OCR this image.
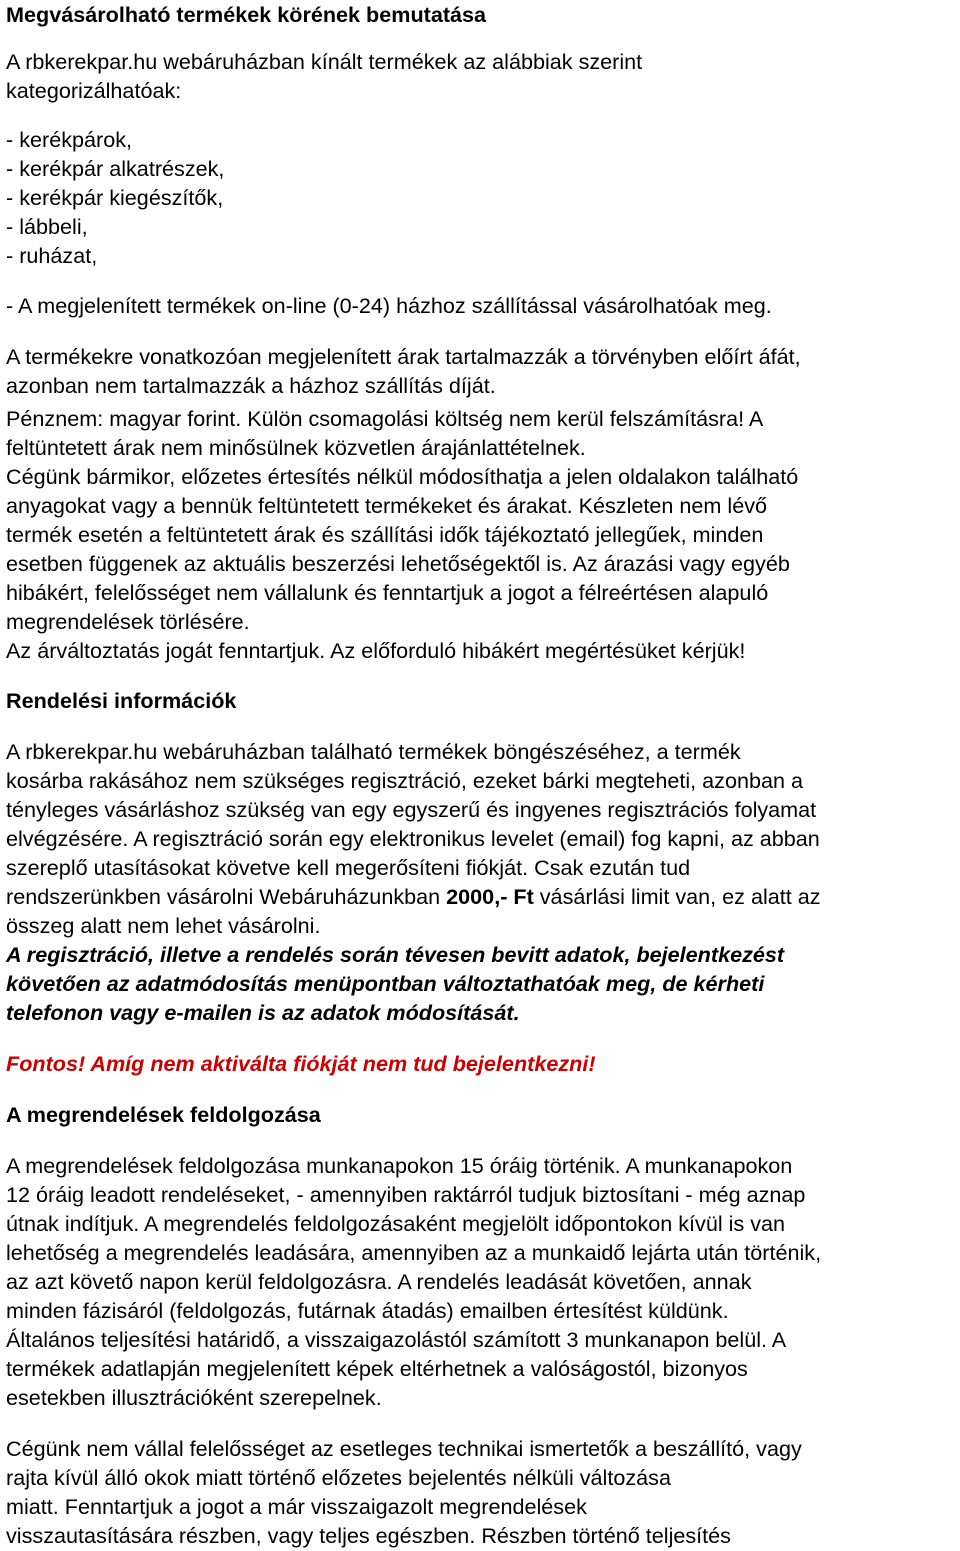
Megvásárolható termékek körének bemutatása
A rbkerekpar.hu webáruházban kínált termékek az alábbiak szerint
kategorizálhatóak:
- kerékpárok,
- kerékpár alkatrészek,
- kerékpár kiegészítők,
- lábbeli,
- ruházat,
- A megjelenített termékek on-line (0-24) házhoz szállítással vásárolhatóak meg.
A termékekre vonatkozóan megjelenített árak tartalmazzák a törvényben előírt áfát,
azonban nem tartalmazzák a házhoz szállítás díját.
Pénznem: magyar forint. Külön csomagolási költség nem kerül felszámításra! A
feltüntetett árak nem minősülnek közvetlen árajánlattételnek.
Cégünk bármikor, előzetes értesítés nélkül módosíthatja a jelen oldalakon található
anyagokat vagy a bennük feltüntetett termékeket és árakat. Készleten nem lévő
termék esetén a feltüntetett árak és szállítási idők tájékoztató jellegűek, minden
esetben függenek az aktuális beszerzési lehetőségektől is. Az árazási vagy egyéb
hibákért, felelősséget nem vállalunk és fenntartjuk a jogot a félreértésen alapuló
megrendelések törlésére.
Az árváltoztatás jogát fenntartjuk. Az előforduló hibákért megértésüket kérjük!
Rendelési információk
A rbkerekpar.hu webáruházban található termékek böngészéséhez, a termék
kosárba rakásához nem szükséges regisztráció, ezeket bárki megteheti, azonban a
tényleges vásárláshoz szükség van egy egyszerű és ingyenes regisztrációs folyamat
elvégzésére. A regisztráció során egy elektronikus levelet (email) fog kapni, az abban
szereplő utasításokat követve kell megerősíteni fiókját. Csak ezután tud
rendszerünkben vásárolni Webáruházunkban 2000,- Ft vásárlási limit van, ez alatt az
összeg alatt nem lehet vásárolni.
A regisztráció, illetve a rendelés során tévesen bevitt adatok, bejelentkezést
követően az adatmódosítás menüpontban változtathatóak meg, de kérheti
telefonon vagy e-mailen is az adatok módosítását.
Fontos! Amíg nem aktiválta fiókját nem tud bejelentkezni!
A megrendelések feldolgozása
A megrendelések feldolgozása munkanapokon 15 óráig történik. A munkanapokon
12 óráig leadott rendeléseket, - amennyiben raktárról tudjuk biztosítani - még aznap
útnak indítjuk. A megrendelés feldolgozásaként megjelölt időpontokon kívül is van
lehetőség a megrendelés leadására, amennyiben az a munkaidő lejárta után történik,
az azt követő napon kerül feldolgozásra. A rendelés leadását követően, annak
minden fázisáról (feldolgozás, futárnak átadás) emailben értesítést küldünk.
Általános teljesítési határidő, a visszaigazolástól számított 3 munkanapon belül. A
termékek adatlapján megjelenített képek eltérhetnek a valóságostól, bizonyos
esetekben illusztrációként szerepelnek.
Cégünk nem vállal felelősséget az esetleges technikai ismertetők a beszállító, vagy
rajta kívül álló okok miatt történő előzetes bejelentés nélküli változása
miatt. Fenntartjuk a jogot a már visszaigazolt megrendelések
visszautasítására részben, vagy teljes egészben. Részben történő teljesítés
